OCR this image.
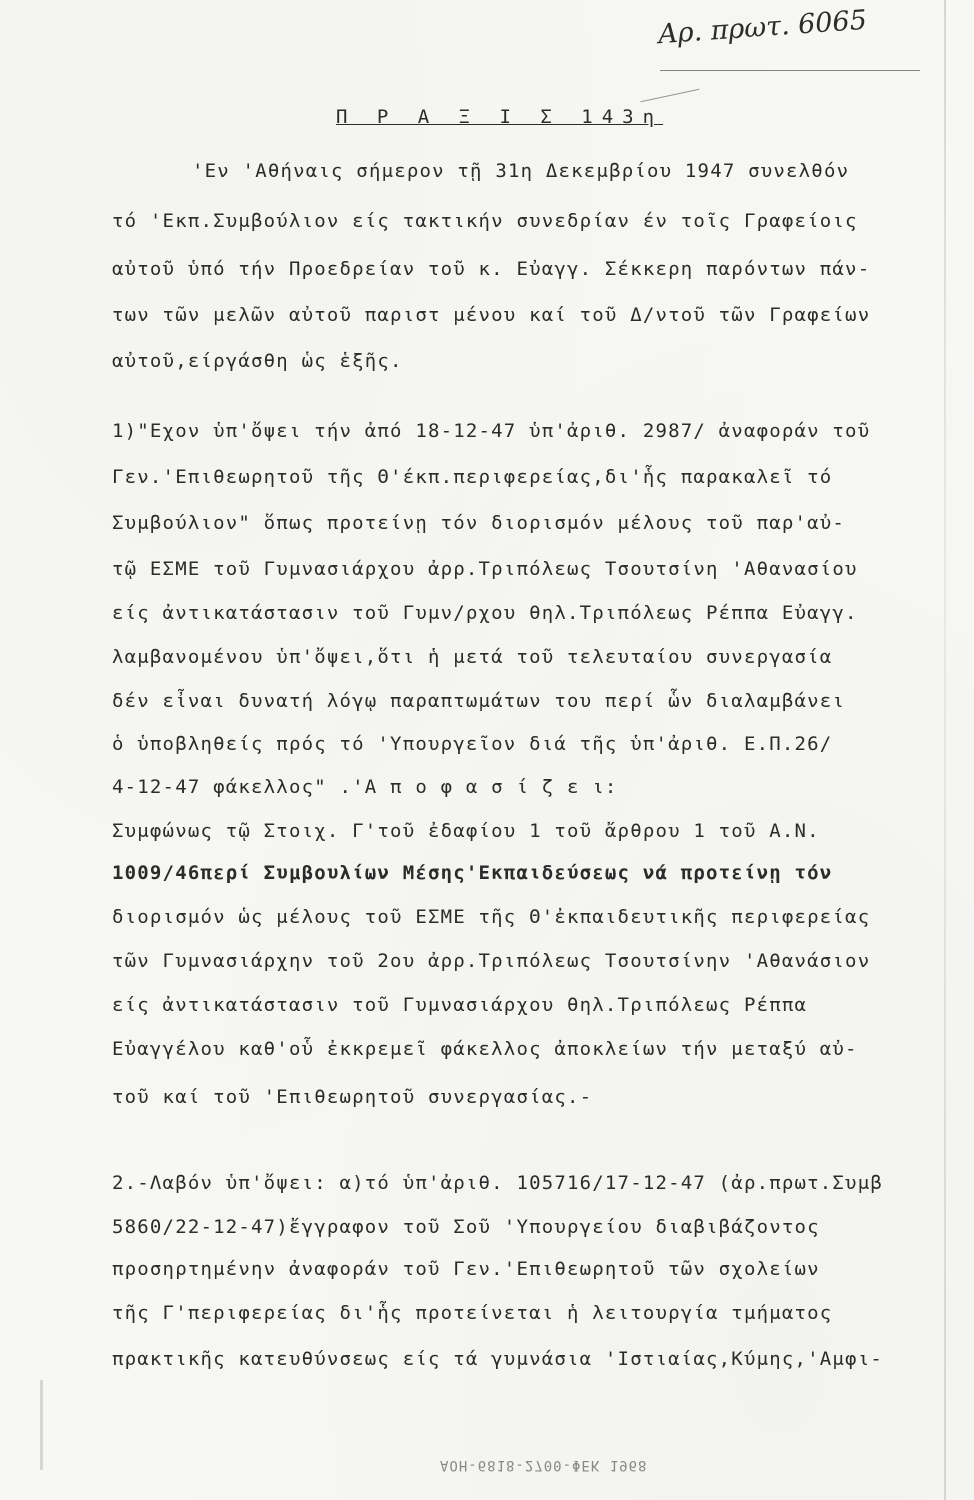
Αρ. πρωτ. 6065
Π Ρ Α Ξ Ι Σ 143η
'Εν 'Αθήναις σήμερον τῇ 31η Δεκεμβρίου 1947 συνελθόν
τό 'Εκπ.Συμβούλιον είς τακτικήν συνεδρίαν έν τοῖς Γραφείοις
αὐτοῦ ὑπό τήν Προεδρείαν τοῦ κ. Εὐαγγ. Σέκκερη παρόντων πάν-
των τῶν μελῶν αὐτοῦ παριστ μένου καί τοῦ Δ/ντοῦ τῶν Γραφείων
αὐτοῦ,είργάσθη ὡς ἑξῆς.
1)"Εχον ὑπ'ὄψει τήν ἀπό 18-12-47 ὑπ'ἀριθ. 2987/ ἀναφοράν τοῦ
Γεν.'Επιθεωρητοῦ τῆς Θ'έκπ.περιφερείας,δι'ἧς παρακαλεῖ τό
Συμβούλιον" ὅπως προτείνῃ τόν διορισμόν μέλους τοῦ παρ'αὐ-
τῷ ΕΣΜΕ τοῦ Γυμνασιάρχου ἀρρ.Τριπόλεως Τσουτσίνη 'Αθανασίου
είς ἀντικατάστασιν τοῦ Γυμν/ρχου θηλ.Τριπόλεως Ρέππα Εὐαγγ.
λαμβανομένου ὑπ'ὄψει,ὅτι ἡ μετά τοῦ τελευταίου συνεργασία
δέν εἶναι δυνατή λόγῳ παραπτωμάτων του περί ὧν διαλαμβάνει
ὁ ὑποβληθείς πρός τό 'Υπουργεῖον διά τῆς ὑπ'ἀριθ. Ε.Π.26/
4-12-47 φάκελλος" .'Α π ο φ α σ ί ζ ε ι:
Συμφώνως τῷ Στοιχ. Γ'τοῦ ἐδαφίου 1 τοῦ ἄρθρου 1 τοῦ Α.Ν.
1009/46περί Συμβουλίων Μέσης'Εκπαιδεύσεως νά προτείνῃ τόν
διορισμόν ὡς μέλους τοῦ ΕΣΜΕ τῆς Θ'ἐκπαιδευτικῆς περιφερείας
τῶν Γυμνασιάρχην τοῦ 2ου ἀρρ.Τριπόλεως Τσουτσίνην 'Αθανάσιον
είς ἀντικατάστασιν τοῦ Γυμνασιάρχου θηλ.Τριπόλεως Ρέππα
Εὐαγγέλου καθ'οὗ ἐκκρεμεῖ φάκελλος ἀποκλείων τήν μεταξύ αὐ-
τοῦ καί τοῦ 'Επιθεωρητοῦ συνεργασίας.-
2.-Λαβόν ὑπ'ὄψει: α)τό ὑπ'ἀριθ. 105716/17-12-47 (ἀρ.πρωτ.Συμβ
5860/22-12-47)ἔγγραφον τοῦ Σοῦ 'Υπουργείου διαβιβάζοντος
προσηρτημένην ἀναφοράν τοῦ Γεν.'Επιθεωρητοῦ τῶν σχολείων
τῆς Γ'περιφερείας δι'ἧς προτείνεται ἡ λειτουργία τμήματος
πρακτικῆς κατευθύνσεως είς τά γυμνάσια 'Ιστιαίας,Κύμης,'Αμφι-
ΑΟΗ-6818-2700-ΦΕΚ 1968
